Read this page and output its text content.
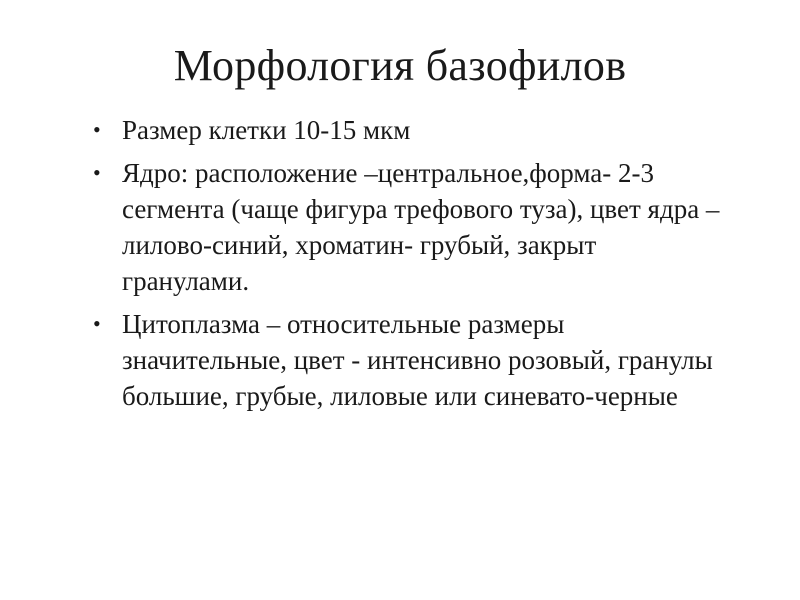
Морфология базофилов
• Размер клетки 10-15 мкм
• Ядро: расположение –центральное,форма- 2-3 сегмента (чаще фигура трефового туза), цвет ядра –лилово-синий, хроматин- грубый, закрыт гранулами.
• Цитоплазма – относительные размеры значительные, цвет - интенсивно розовый, гранулы большие, грубые, лиловые или синевато-черные
